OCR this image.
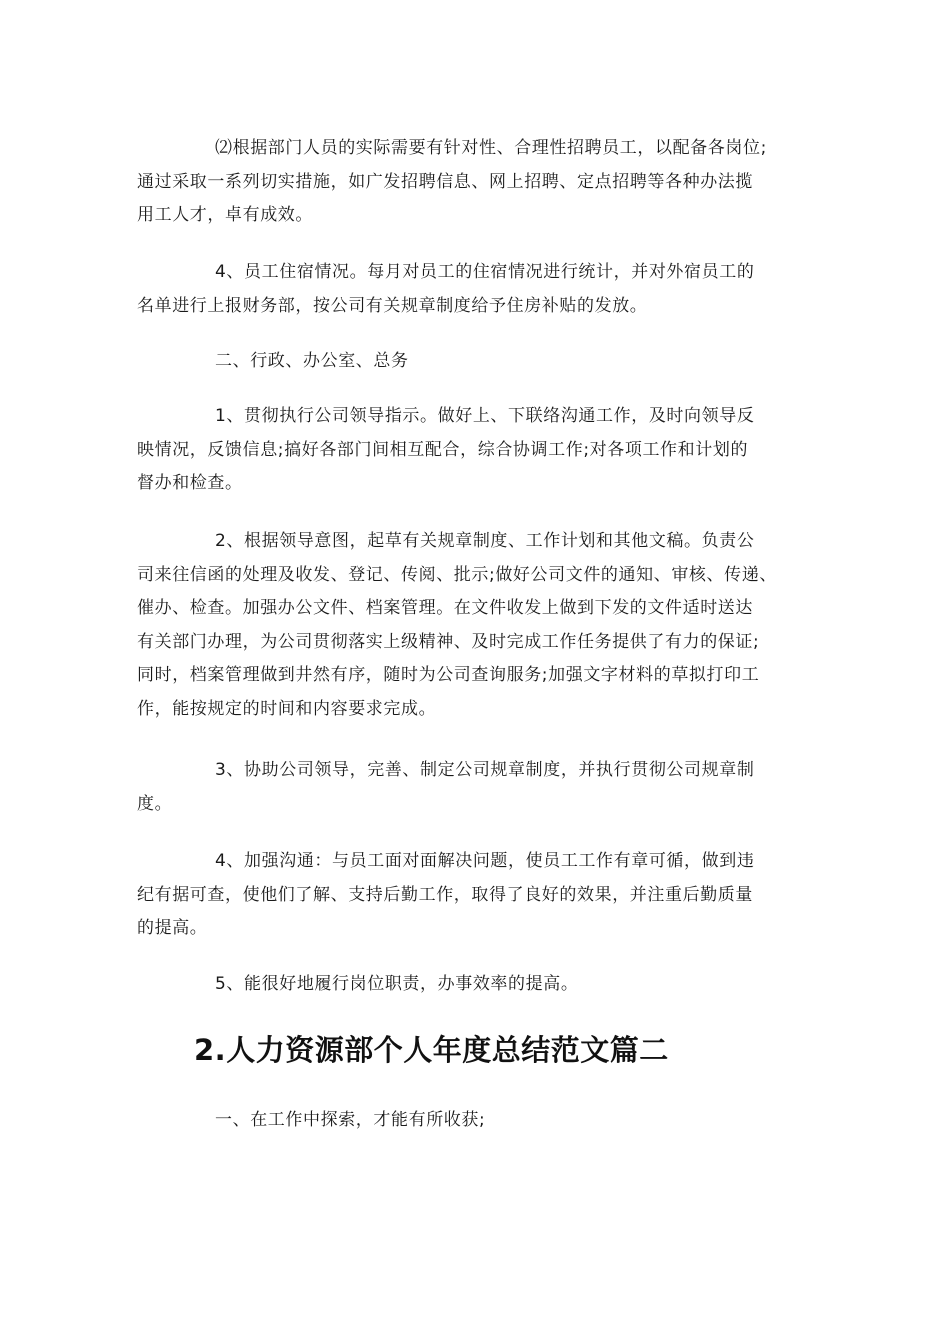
⑵根据部门人员的实际需要有针对性、合理性招聘员工，以配备各岗位;
通过采取一系列切实措施，如广发招聘信息、网上招聘、定点招聘等各种办法揽
用工人才，卓有成效。

4、员工住宿情况。每月对员工的住宿情况进行统计，并对外宿员工的
名单进行上报财务部，按公司有关规章制度给予住房补贴的发放。

二、行政、办公室、总务

1、贯彻执行公司领导指示。做好上、下联络沟通工作，及时向领导反
映情况，反馈信息;搞好各部门间相互配合，综合协调工作;对各项工作和计划的
督办和检查。

2、根据领导意图，起草有关规章制度、工作计划和其他文稿。负责公
司来往信函的处理及收发、登记、传阅、批示;做好公司文件的通知、审核、传递、
催办、检查。加强办公文件、档案管理。在文件收发上做到下发的文件适时送达
有关部门办理，为公司贯彻落实上级精神、及时完成工作任务提供了有力的保证;
同时，档案管理做到井然有序，随时为公司查询服务;加强文字材料的草拟打印工
作，能按规定的时间和内容要求完成。

3、协助公司领导，完善、制定公司规章制度，并执行贯彻公司规章制
度。

4、加强沟通：与员工面对面解决问题，使员工工作有章可循，做到违
纪有据可查，使他们了解、支持后勤工作，取得了良好的效果，并注重后勤质量
的提高。

5、能很好地履行岗位职责，办事效率的提高。

2.人力资源部个人年度总结范文篇二

一、在工作中探索，才能有所收获;
